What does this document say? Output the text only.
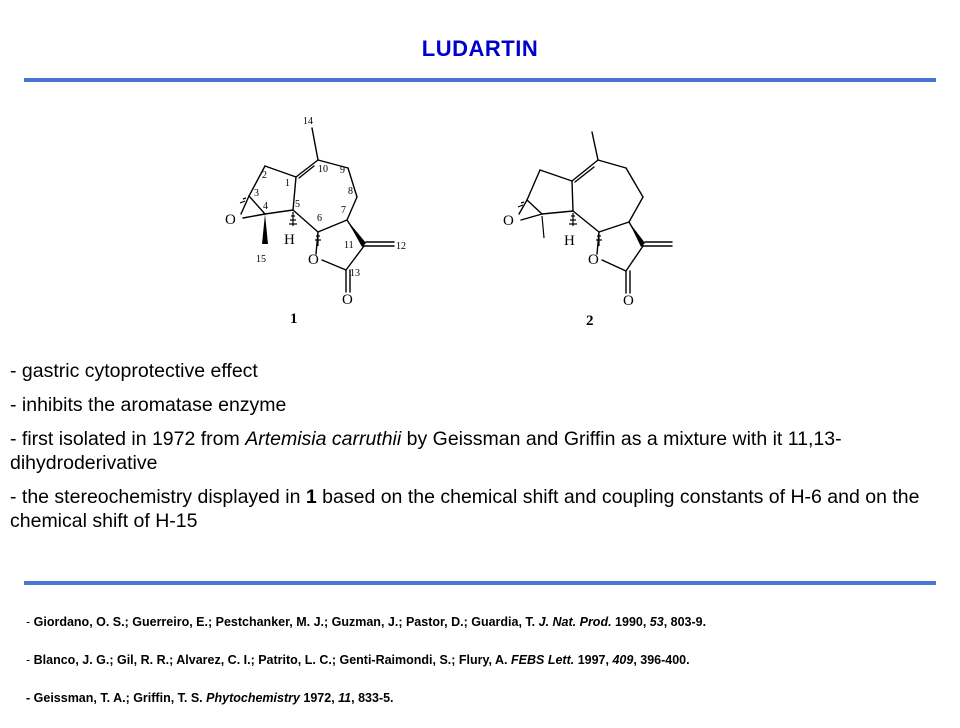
LUDARTIN
14
10 9
1
2
3	8
5
4	7
6
O
H	11	12
15	O
13
O
1
O
H
O
O
2

- gastric cytoprotective effect

- inhibits the aromatase enzyme

- first isolated in 1972 from Artemisia carruthii by Geissman and Griffin as a mixture with it 11,13-dihydroderivative

- the stereochemistry displayed in 1 based on the chemical shift and coupling constants of H-6 and on the chemical shift of H-15

- Giordano, O. S.; Guerreiro, E.; Pestchanker, M. J.; Guzman, J.; Pastor, D.; Guardia, T. J. Nat. Prod. 1990, 53, 803-9.

- Blanco, J. G.; Gil, R. R.; Alvarez, C. I.; Patrito, L. C.; Genti-Raimondi, S.; Flury, A. FEBS Lett. 1997, 409, 396-400.

- Geissman, T. A.; Griffin, T. S. Phytochemistry 1972, 11, 833-5.
